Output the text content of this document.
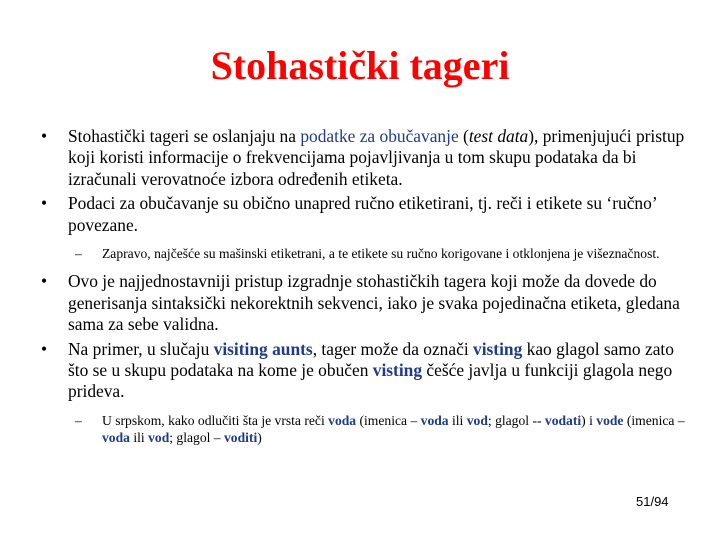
Stohastički tageri
•	Stohastički tageri se oslanjaju na podatke za obučavanje (test data), primenjujući pristup koji koristi informacije o frekvencijama pojavljivanja u tom skupu podataka da bi izračunali verovatnoće izbora određenih etiketa.
•	Podaci za obučavanje su obično unapred ručno etiketirani, tj. reči i etikete su ‘ručno’ povezane.
– Zapravo, najčešće su mašinski etiketrani, a te etikete su ručno korigovane i otklonjena je višeznačnost.
•	Ovo je najjednostavniji pristup izgradnje stohastičkih tagera koji može da dovede do generisanja sintaksički nekorektnih sekvenci, iako je svaka pojedinačna etiketa, gledana sama za sebe validna.
•	Na primer, u slučaju visiting aunts, tager može da označi visting kao glagol samo zato što se u skupu podataka na kome je obučen visting češće javlja u funkciji glagola nego prideva.
– U srpskom, kako odlučiti šta je vrsta reči voda (imenica – voda ili vod; glagol -- vodati) i vode (imenica – voda ili vod; glagol – voditi)
51/94
